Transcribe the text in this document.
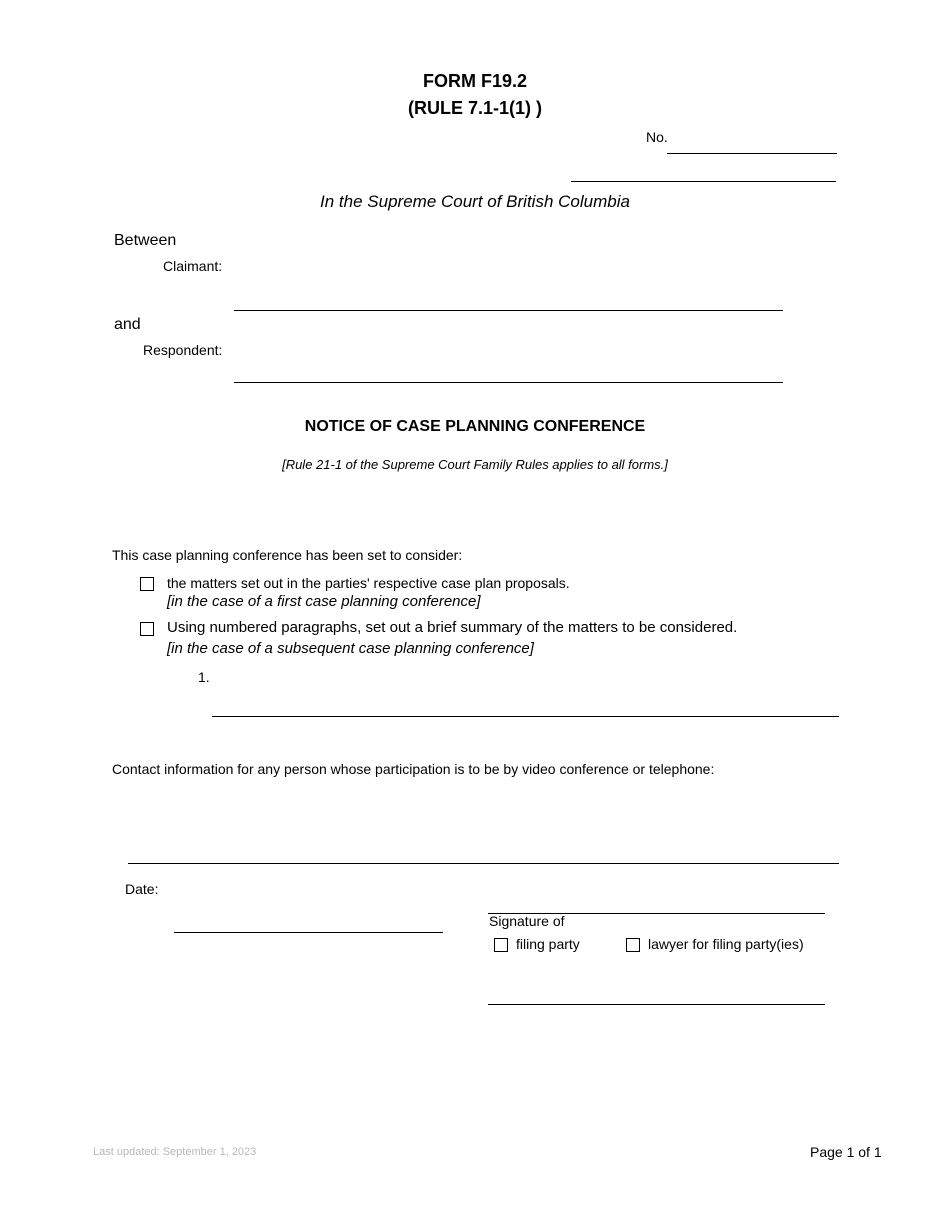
FORM F19.2
(RULE 7.1-1(1) )
No.
In the Supreme Court of British Columbia
Between
Claimant:
and
Respondent:
NOTICE OF CASE PLANNING CONFERENCE
[Rule 21-1 of the Supreme Court Family Rules applies to all forms.]
This case planning conference has been set to consider:
the matters set out in the parties' respective case plan proposals.
[in the case of a first case planning conference]
Using numbered paragraphs, set out a brief summary of the matters to be considered.
[in the case of a subsequent case planning conference]
1.
Contact information for any person whose participation is to be by video conference or telephone:
Date:
Signature of
filing party	lawyer for filing party(ies)
Last updated: September 1, 2023	Page 1 of 1
